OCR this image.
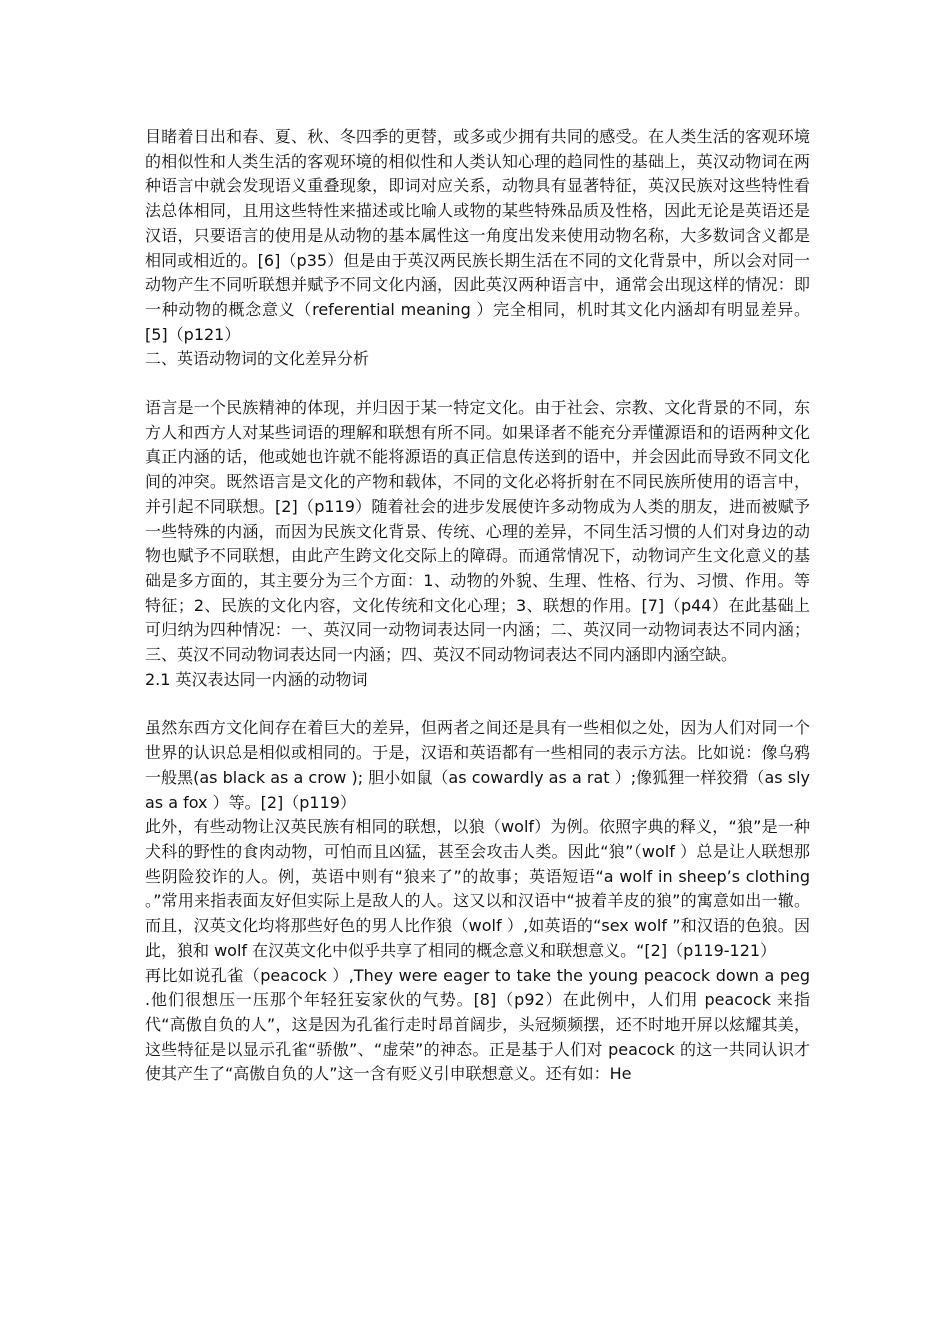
目睹着日出和春、夏、秋、冬四季的更替，或多或少拥有共同的感受。在人类生活的客观环境的相似性和人类生活的客观环境的相似性和人类认知心理的趋同性的基础上，英汉动物词在两种语言中就会发现语义重叠现象，即词对应关系，动物具有显著特征，英汉民族对这些特性看法总体相同，且用这些特性来描述或比喻人或物的某些特殊品质及性格，因此无论是英语还是汉语，只要语言的使用是从动物的基本属性这一角度出发来使用动物名称，大多数词含义都是相同或相近的。[6]（p35）但是由于英汉两民族长期生活在不同的文化背景中，所以会对同一动物产生不同听联想并赋予不同文化内涵，因此英汉两种语言中，通常会出现这样的情况：即一种动物的概念意义（referential meaning ）完全相同，机时其文化内涵却有明显差异。[5]（p121）

二、英语动物词的文化差异分析

语言是一个民族精神的体现，并归因于某一特定文化。由于社会、宗教、文化背景的不同，东方人和西方人对某些词语的理解和联想有所不同。如果译者不能充分弄懂源语和的语两种文化真正内涵的话，他或她也许就不能将源语的真正信息传送到的语中，并会因此而导致不同文化间的冲突。既然语言是文化的产物和载体，不同的文化必将折射在不同民族所使用的语言中，并引起不同联想。[2]（p119）随着社会的进步发展使许多动物成为人类的朋友，进而被赋予一些特殊的内涵，而因为民族文化背景、传统、心理的差异，不同生活习惯的人们对身边的动物也赋予不同联想，由此产生跨文化交际上的障碍。而通常情况下，动物词产生文化意义的基础是多方面的，其主要分为三个方面：1、动物的外貌、生理、性格、行为、习惯、作用。等特征；2、民族的文化内容，文化传统和文化心理；3、联想的作用。[7]（p44）在此基础上可归纳为四种情况：一、英汉同一动物词表达同一内涵；二、英汉同一动物词表达不同内涵；三、英汉不同动物词表达同一内涵；四、英汉不同动物词表达不同内涵即内涵空缺。

2.1 英汉表达同一内涵的动物词

虽然东西方文化间存在着巨大的差异，但两者之间还是具有一些相似之处，因为人们对同一个世界的认识总是相似或相同的。于是，汉语和英语都有一些相同的表示方法。比如说：像乌鸦一般黑(as black as a crow ); 胆小如鼠（as cowardly as a rat ）;像狐狸一样狡猾（as sly as a fox ）等。[2]（p119）

此外，有些动物让汉英民族有相同的联想，以狼（wolf）为例。依照字典的释义，“狼”是一种犬科的野性的食肉动物，可怕而且凶猛，甚至会攻击人类。因此“狼”（wolf ）总是让人联想那些阴险狡诈的人。例，英语中则有“狼来了”的故事；英语短语“a wolf in sheep’s clothing 。”常用来指表面友好但实际上是敌人的人。这又以和汉语中“披着羊皮的狼”的寓意如出一辙。而且，汉英文化均将那些好色的男人比作狼（wolf ）,如英语的“sex wolf ”和汉语的色狼。因此，狼和 wolf 在汉英文化中似乎共享了相同的概念意义和联想意义。“[2]（p119-121）

再比如说孔雀（peacock ）,They were eager to take the young peacock down a peg .他们很想压一压那个年轻狂妄家伙的气势。[8]（p92）在此例中，人们用 peacock 来指代“高傲自负的人”，这是因为孔雀行走时昂首阔步，头冠频频摆，还不时地开屏以炫耀其美，这些特征是以显示孔雀“骄傲”、“虚荣”的神态。正是基于人们对 peacock 的这一共同认识才使其产生了“高傲自负的人”这一含有贬义引申联想意义。还有如：He
